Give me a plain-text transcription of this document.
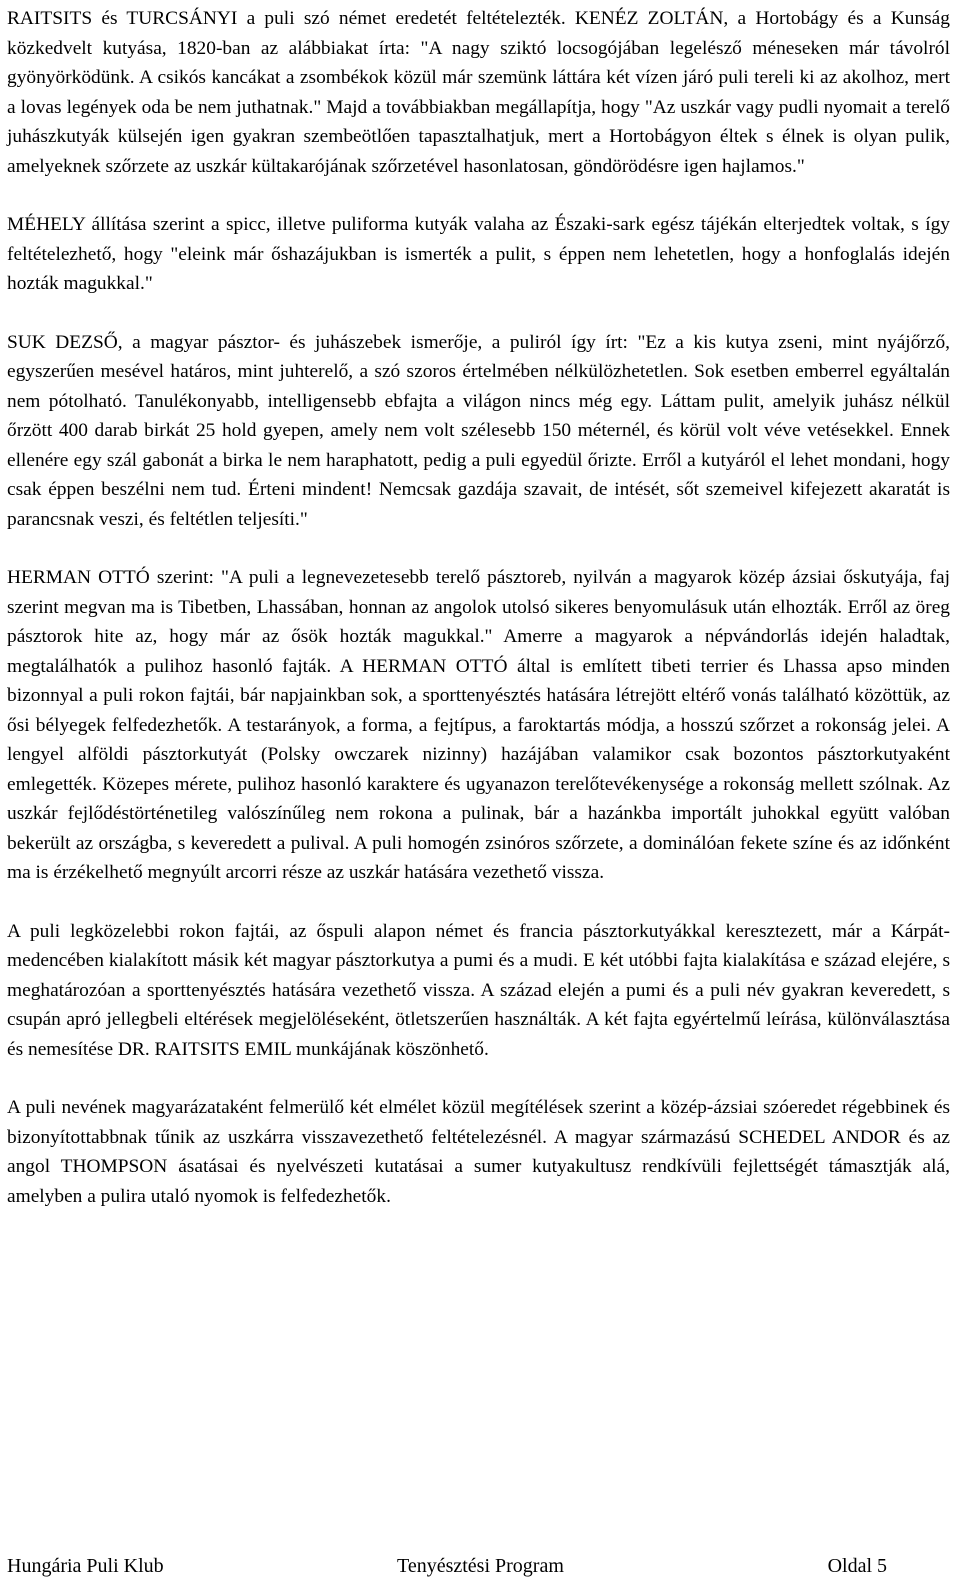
RAITSITS és TURCSÁNYI a puli szó német eredetét feltételezték. KENÉZ ZOLTÁN, a Hortobágy és a Kunság közkedvelt kutyása, 1820-ban az alábbiakat írta: "A nagy sziktó locsogójában legelésző méneseken már távolról gyönyörködünk. A csikós kancákat a zsombékok közül már szemünk láttára két vízen járó puli tereli ki az akolhoz, mert a lovas legények oda be nem juthatnak." Majd a továbbiakban megállapítja, hogy "Az uszkár vagy pudli nyomait a terelő juhászkutyák külsején igen gyakran szembeötlően tapasztalhatjuk, mert a Hortobágyon éltek s élnek is olyan pulik, amelyeknek szőrzete az uszkár kültakarójának szőrzetével hasonlatosan, göndörödésre igen hajlamos."

MÉHELY állítása szerint a spicc, illetve puliforma kutyák valaha az Északi-sark egész tájékán elterjedtek voltak, s így feltételezhető, hogy "eleink már őshazájukban is ismerték a pulit, s éppen nem lehetetlen, hogy a honfoglalás idején hozták magukkal."

SUK DEZSŐ, a magyar pásztor- és juhászebek ismerője, a puliról így írt: "Ez a kis kutya zseni, mint nyájőrző, egyszerűen mesével határos, mint juhterelő, a szó szoros értelmében nélkülözhetetlen. Sok esetben emberrel egyáltalán nem pótolható. Tanulékonyabb, intelligensebb ebfajta a világon nincs még egy. Láttam pulit, amelyik juhász nélkül őrzött 400 darab birkát 25 hold gyepen, amely nem volt szélesebb 150 méternél, és körül volt véve vetésekkel. Ennek ellenére egy szál gabonát a birka le nem haraphatott, pedig a puli egyedül őrizte. Erről a kutyáról el lehet mondani, hogy csak éppen beszélni nem tud. Érteni mindent! Nemcsak gazdája szavait, de intését, sőt szemeivel kifejezett akaratát is parancsnak veszi, és feltétlen teljesíti."

HERMAN OTTÓ szerint: "A puli a legnevezetesebb terelő pásztoreb, nyilván a magyarok közép ázsiai őskutyája, faj szerint megvan ma is Tibetben, Lhassában, honnan az angolok utolsó sikeres benyomulásuk után elhozták. Erről az öreg pásztorok hite az, hogy már az ősök hozták magukkal." Amerre a magyarok a népvándorlás idején haladtak, megtalálhatók a pulihoz hasonló fajták. A HERMAN OTTÓ által is említett tibeti terrier és Lhassa apso minden bizonnyal a puli rokon fajtái, bár napjainkban sok, a sporttenyésztés hatására létrejött eltérő vonás található közöttük, az ősi bélyegek felfedezhetők. A testarányok, a forma, a fejtípus, a faroktartás módja, a hosszú szőrzet a rokonság jelei. A lengyel alföldi pásztorkutyát (Polsky owczarek nizinny) hazájában valamikor csak bozontos pásztorkutyaként emlegették. Közepes mérete, pulihoz hasonló karaktere és ugyanazon terelőtevékenysége a rokonság mellett szólnak. Az uszkár fejlődéstörténetileg valószínűleg nem rokona a pulinak, bár a hazánkba importált juhokkal együtt valóban bekerült az országba, s keveredett a pulival. A puli homogén zsinóros szőrzete, a dominálóan fekete színe és az időnként ma is érzékelhető megnyúlt arcorri része az uszkár hatására vezethető vissza.

A puli legközelebbi rokon fajtái, az őspuli alapon német és francia pásztorkutyákkal keresztezett, már a Kárpát-medencében kialakított másik két magyar pásztorkutya a pumi és a mudi. E két utóbbi fajta kialakítása e század elejére, s meghatározóan a sporttenyésztés hatására vezethető vissza. A század elején a pumi és a puli név gyakran keveredett, s csupán apró jellegbeli eltérések megjelöléseként, ötletszerűen használták. A két fajta egyértelmű leírása, különválasztása és nemesítése DR. RAITSITS EMIL munkájának köszönhető.

A puli nevének magyarázataként felmerülő két elmélet közül megítélések szerint a közép-ázsiai szóeredet régebbinek és bizonyítottabbnak tűnik az uszkárra visszavezethető feltételezésnél. A magyar származású SCHEDEL ANDOR és az angol THOMPSON ásatásai és nyelvészeti kutatásai a sumer kutyakultusz rendkívüli fejlettségét támasztják alá, amelyben a pulira utaló nyomok is felfedezhetők.

Hungária Puli Klub	Tenyésztési Program	Oldal 5
